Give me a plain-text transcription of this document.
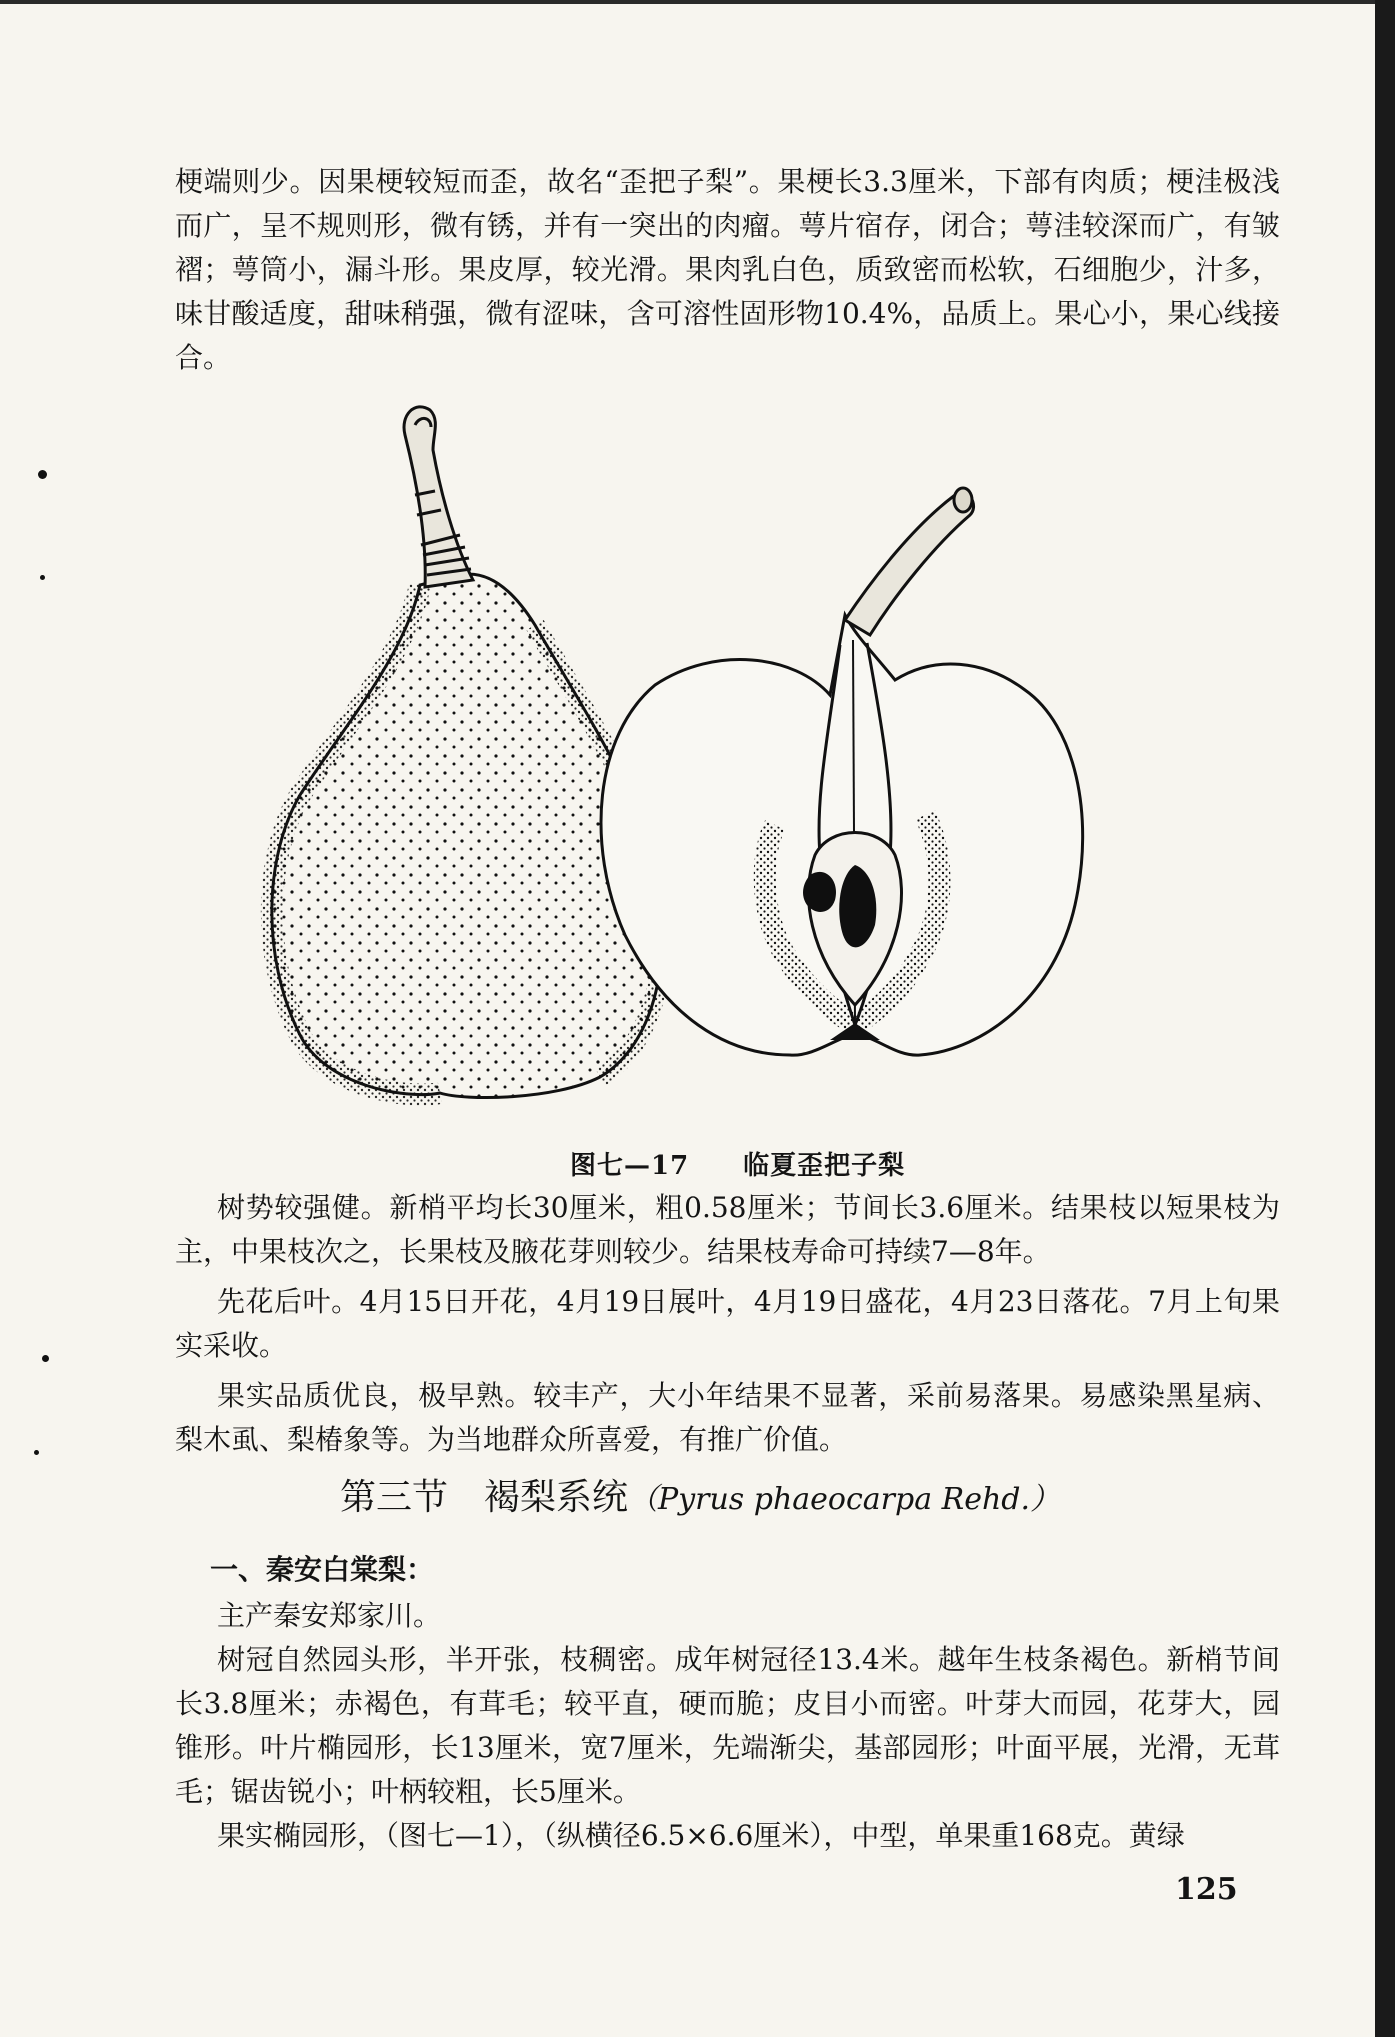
梗端则少。因果梗较短而歪，故名“歪把子梨”。果梗长3.3厘米，下部有肉质；梗洼极浅而广，呈不规则形，微有锈，并有一突出的肉瘤。萼片宿存，闭合；萼洼较深而广，有皱褶；萼筒小，漏斗形。果皮厚，较光滑。果肉乳白色，质致密而松软，石细胞少，汁多，味甘酸适度，甜味稍强，微有涩味，含可溶性固形物10.4%，品质上。果心小，果心线接合。

图七—17　　临夏歪把子梨

树势较强健。新梢平均长30厘米，粗0.58厘米；节间长3.6厘米。结果枝以短果枝为主，中果枝次之，长果枝及腋花芽则较少。结果枝寿命可持续7—8年。

先花后叶。4月15日开花，4月19日展叶，4月19日盛花，4月23日落花。7月上旬果实采收。

果实品质优良，极早熟。较丰产，大小年结果不显著，采前易落果。易感染黑星病、梨木虱、梨椿象等。为当地群众所喜爱，有推广价值。

第三节　褐梨系统（Pyrus phaeocarpa Rehd.）
一、秦安白棠梨：

主产秦安郑家川。

树冠自然园头形，半开张，枝稠密。成年树冠径13.4米。越年生枝条褐色。新梢节间长3.8厘米；赤褐色，有茸毛；较平直，硬而脆；皮目小而密。叶芽大而园，花芽大，园锥形。叶片椭园形，长13厘米，宽7厘米，先端渐尖，基部园形；叶面平展，光滑，无茸毛；锯齿锐小；叶柄较粗，长5厘米。

果实椭园形，（图七—1），（纵横径6.5×6.6厘米），中型，单果重168克。黄绿

125
